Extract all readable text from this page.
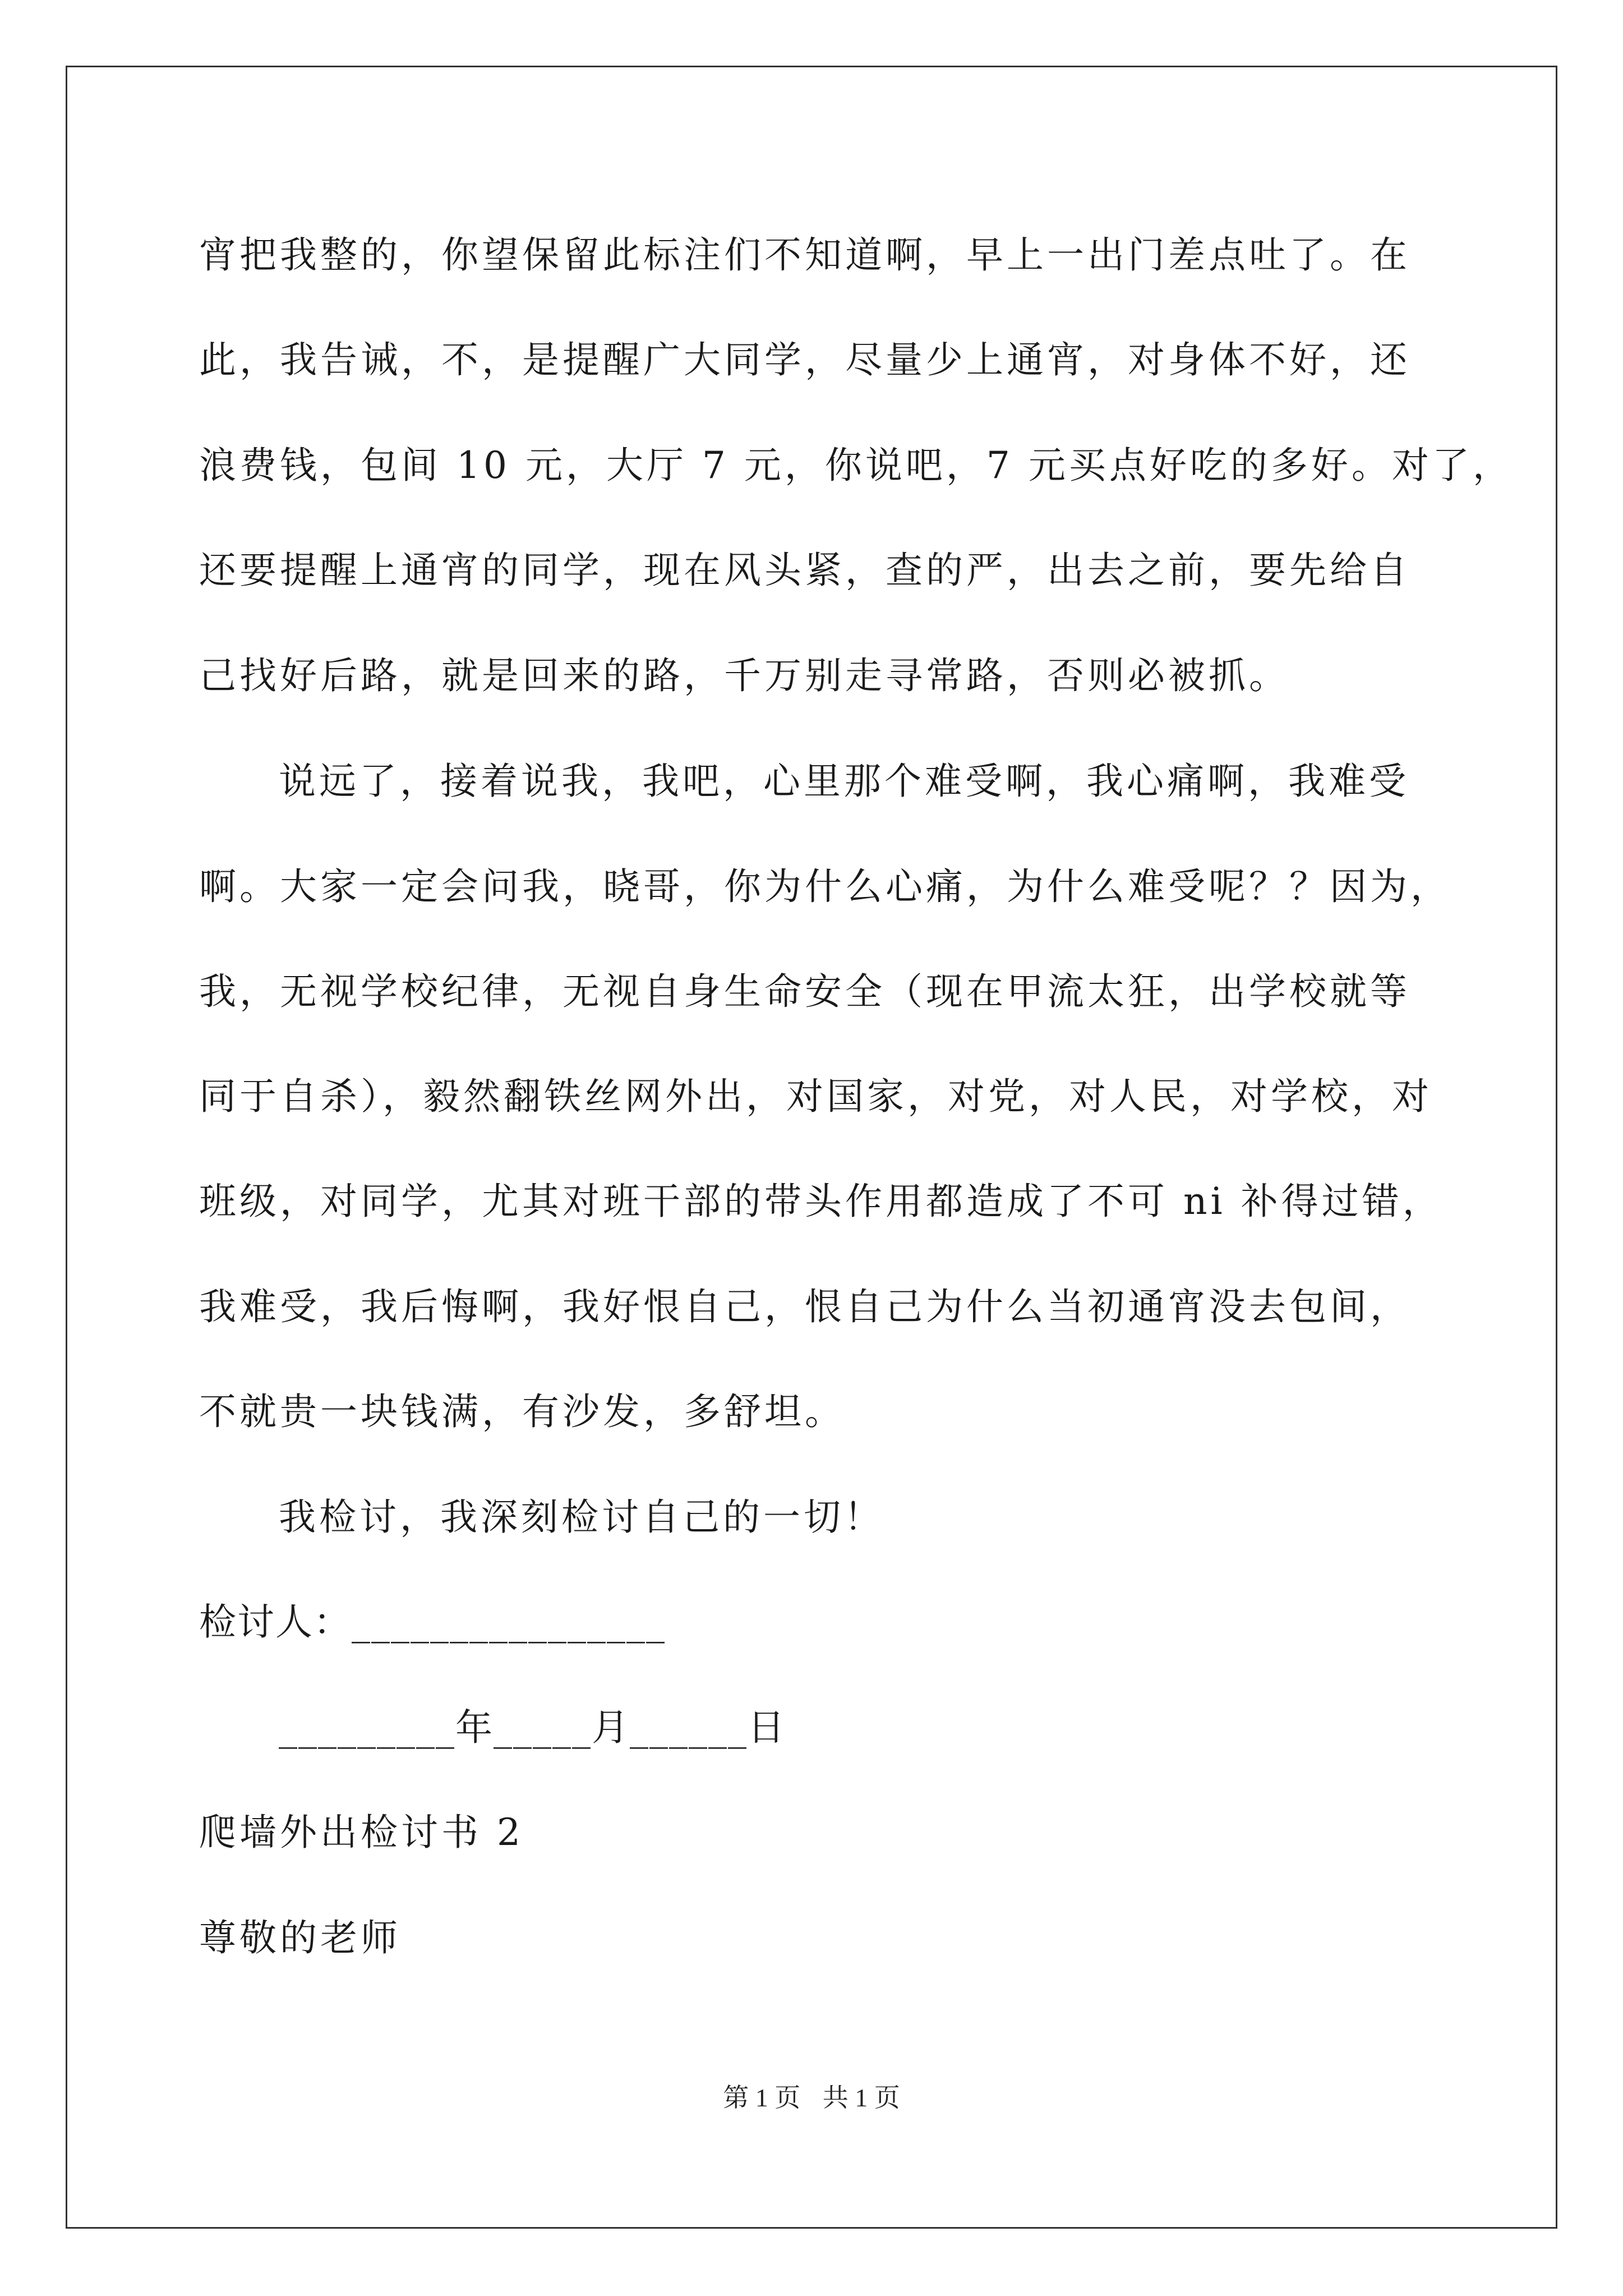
宵把我整的，你望保留此标注们不知道啊，早上一出门差点吐了。在
此，我告诫，不，是提醒广大同学，尽量少上通宵，对身体不好，还
浪费钱，包间 10 元，大厅 7 元，你说吧，7 元买点好吃的多好。对了，
还要提醒上通宵的同学，现在风头紧，查的严，出去之前，要先给自
己找好后路，就是回来的路，千万别走寻常路，否则必被抓。
说远了，接着说我，我吧，心里那个难受啊，我心痛啊，我难受
啊。大家一定会问我，晓哥，你为什么心痛，为什么难受呢？？因为，
我，无视学校纪律，无视自身生命安全（现在甲流太狂，出学校就等
同于自杀），毅然翻铁丝网外出，对国家，对党，对人民，对学校，对
班级，对同学，尤其对班干部的带头作用都造成了不可 ni 补得过错，
我难受，我后悔啊，我好恨自己，恨自己为什么当初通宵没去包间，
不就贵一块钱满，有沙发，多舒坦。
我检讨，我深刻检讨自己的一切！
检讨人：________________
_________年_____月______日
爬墙外出检讨书 2
尊敬的老师
第 1 页 共 1 页
